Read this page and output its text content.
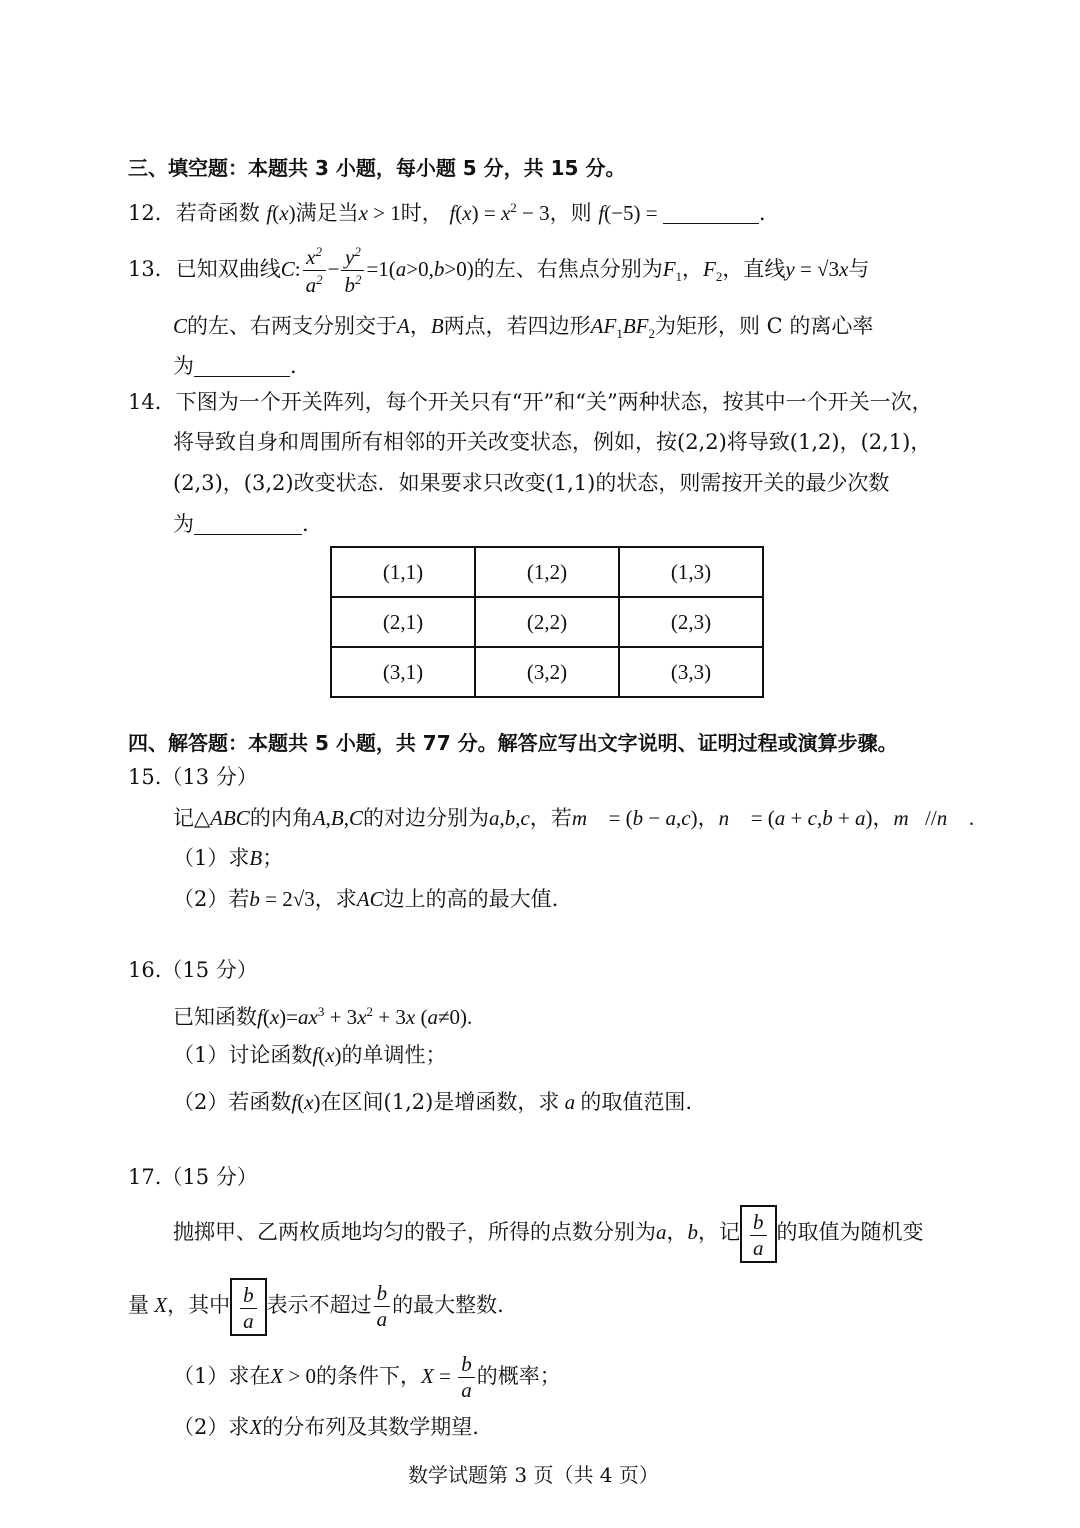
三、填空题：本题共 3 小题，每小题 5 分，共 15 分。
12．若奇函数 f(x)满足当x > 1时， $f(x) = x^2 - 3$，则 f(−5) =	.
13．已知双曲线C: $\frac{x^2}{a^2} - \frac{y^2}{b^2} =1(a>0,b>0)$的左、右焦点分别为$F_1$，$F_2$，直线y = √3x与
C的左、右两支分别交于A，B两点，若四边形$AF_1BF_2$为矩形，则 C 的离心率
为	.
14．下图为一个开关阵列，每个开关只有“开”和“关”两种状态，按其中一个开关一次，
将导致自身和周围所有相邻的开关改变状态，例如，按(2,2)将导致(1,2)，(2,1)，
(2,3)，(3,2)改变状态．如果要求只改变(1,1)的状态，则需按开关的最少次数
为	.
(1,1)	(1,2)	(1,3)
(2,1)	(2,2)	(2,3)
(3,1)	(3,2)	(3,3)
四、解答题：本题共 5 小题，共 77 分。解答应写出文字说明、证明过程或演算步骤。
15.（13 分）
记△ABC的内角A,B,C的对边分别为a,b,c，若m⃗ = (b − a,c)，n⃗ = (a + c,b + a)，m⃗//n⃗ .
（1）求B；
（2）若b = 2√3，求AC边上的高的最大值.
16.（15 分）
已知函数$f(x)=ax^3 + 3x^2 + 3x$ (a≠0).
（1）讨论函数f(x)的单调性；
（2）若函数f(x)在区间(1,2)是增函数，求 a 的取值范围.
17.（15 分）
抛掷甲、乙两枚质地均匀的骰子，所得的点数分别为a，b，记 $\frac{b}{a}$ 的取值为随机变
量 X，其中 $\frac{b}{a}$ 表示不超过 $\frac{b}{a}$ 的最大整数.
（1）求在X > 0的条件下，$X = \frac{b}{a}$ 的概率；
（2）求X的分布列及其数学期望.
数学试题第 3 页（共 4 页）
